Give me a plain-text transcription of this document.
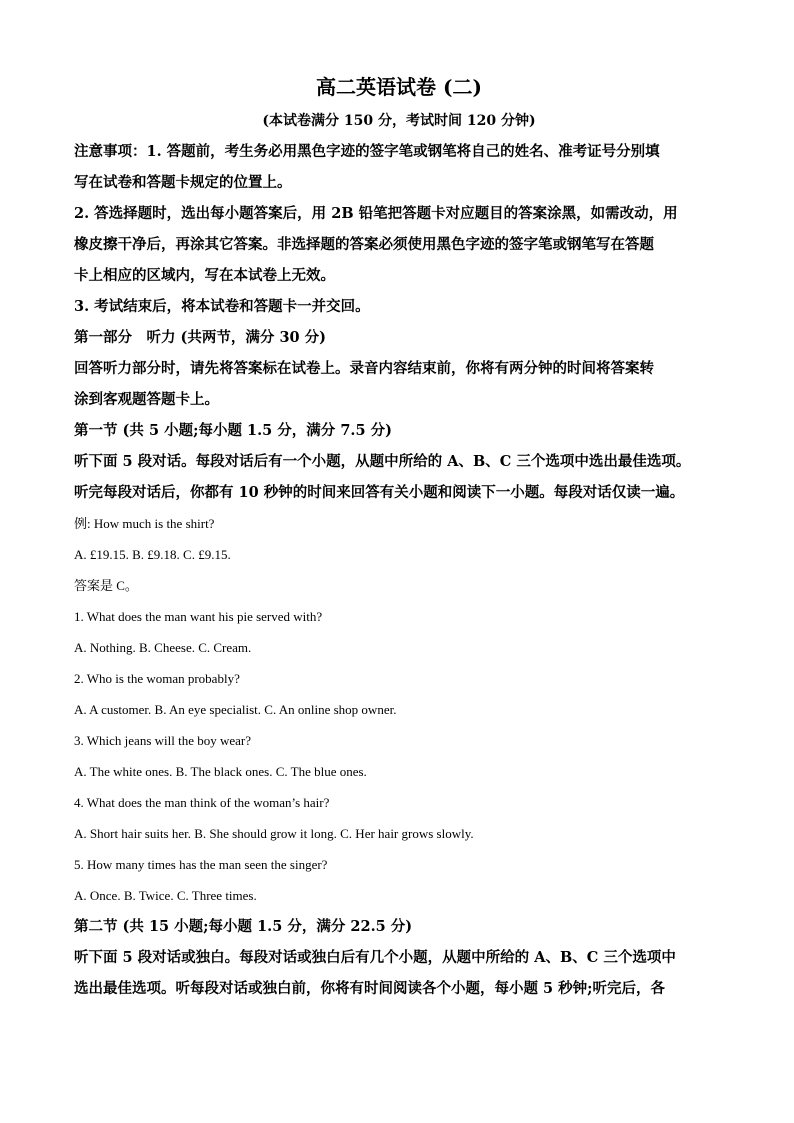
高二英语试卷 (二)
(本试卷满分 150 分，考试时间 120 分钟)
注意事项：1. 答题前，考生务必用黑色字迹的签字笔或钢笔将自己的姓名、准考证号分别填
写在试卷和答题卡规定的位置上。
2. 答选择题时，选出每小题答案后，用 2B 铅笔把答题卡对应题目的答案涂黑，如需改动，用
橡皮擦干净后，再涂其它答案。非选择题的答案必须使用黑色字迹的签字笔或钢笔写在答题
卡上相应的区域内，写在本试卷上无效。
3. 考试结束后，将本试卷和答题卡一并交回。
第一部分　听力 (共两节，满分 30 分)
回答听力部分时，请先将答案标在试卷上。录音内容结束前，你将有两分钟的时间将答案转
涂到客观题答题卡上。
第一节 (共 5 小题;每小题 1.5 分，满分 7.5 分)
听下面 5 段对话。每段对话后有一个小题，从题中所给的 A、B、C 三个选项中选出最佳选项。
听完每段对话后，你都有 10 秒钟的时间来回答有关小题和阅读下一小题。每段对话仅读一遍。
例: How much is the shirt?
A. £19.15. B. £9.18. C. £9.15.
答案是 C。
1. What does the man want his pie served with?
A. Nothing. B. Cheese. C. Cream.
2. Who is the woman probably?
A. A customer. B. An eye specialist. C. An online shop owner.
3. Which jeans will the boy wear?
A. The white ones. B. The black ones. C. The blue ones.
4. What does the man think of the woman’s hair?
A. Short hair suits her. B. She should grow it long. C. Her hair grows slowly.
5. How many times has the man seen the singer?
A. Once. B. Twice. C. Three times.
第二节 (共 15 小题;每小题 1.5 分，满分 22.5 分)
听下面 5 段对话或独白。每段对话或独白后有几个小题，从题中所给的 A、B、C 三个选项中
选出最佳选项。听每段对话或独白前，你将有时间阅读各个小题，每小题 5 秒钟;听完后，各
